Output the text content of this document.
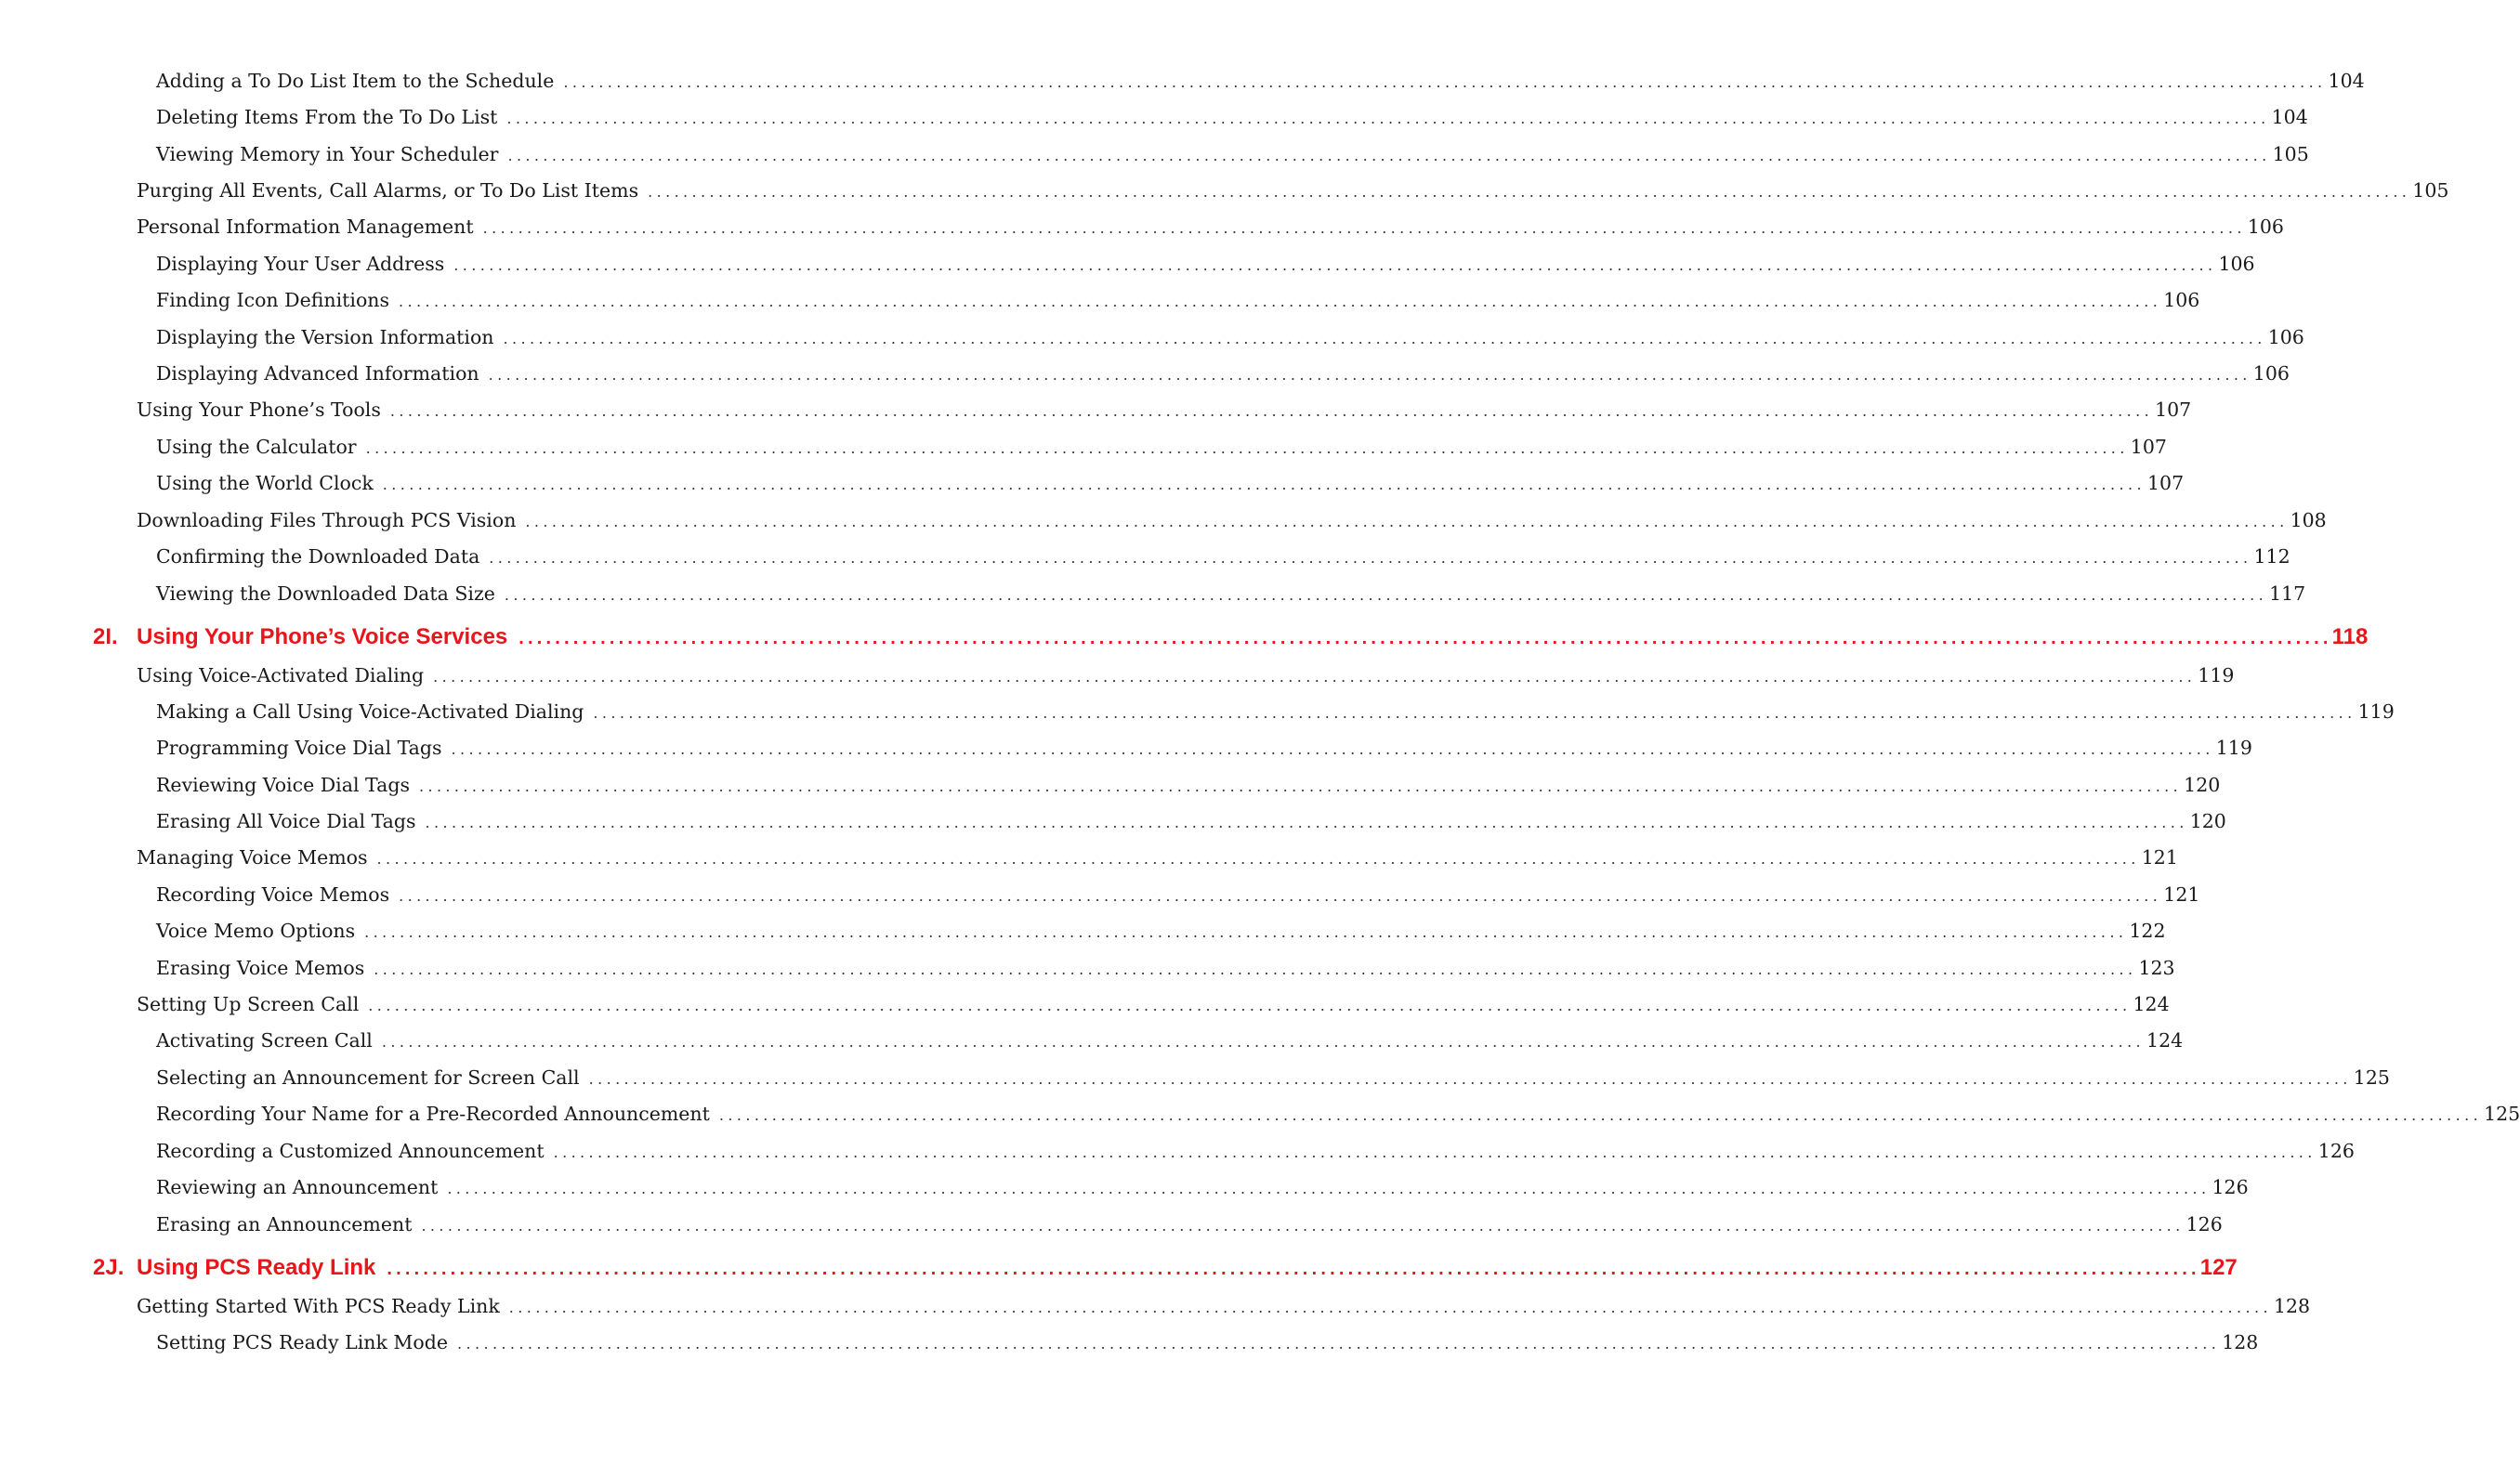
Adding a To Do List Item to the Schedule ........................................................................................................................................................................................................ 104
Deleting Items From the To Do List ........................................................................................................................................................................................................ 104
Viewing Memory in Your Scheduler ........................................................................................................................................................................................................ 105
Purging All Events, Call Alarms, or To Do List Items ........................................................................................................................................................................................................ 105
Personal Information Management ........................................................................................................................................................................................................ 106
Displaying Your User Address ........................................................................................................................................................................................................ 106
Finding Icon Definitions ........................................................................................................................................................................................................ 106
Displaying the Version Information ........................................................................................................................................................................................................ 106
Displaying Advanced Information ........................................................................................................................................................................................................ 106
Using Your Phone’s Tools ........................................................................................................................................................................................................ 107
Using the Calculator ........................................................................................................................................................................................................ 107
Using the World Clock ........................................................................................................................................................................................................ 107
Downloading Files Through PCS Vision ........................................................................................................................................................................................................ 108
Confirming the Downloaded Data ........................................................................................................................................................................................................ 112
Viewing the Downloaded Data Size ........................................................................................................................................................................................................ 117
2I. Using Your Phone’s Voice Services ........................................................................................................................................................................................................ 118
Using Voice-Activated Dialing ........................................................................................................................................................................................................ 119
Making a Call Using Voice-Activated Dialing ........................................................................................................................................................................................................ 119
Programming Voice Dial Tags ........................................................................................................................................................................................................ 119
Reviewing Voice Dial Tags ........................................................................................................................................................................................................ 120
Erasing All Voice Dial Tags ........................................................................................................................................................................................................ 120
Managing Voice Memos ........................................................................................................................................................................................................ 121
Recording Voice Memos ........................................................................................................................................................................................................ 121
Voice Memo Options ........................................................................................................................................................................................................ 122
Erasing Voice Memos ........................................................................................................................................................................................................ 123
Setting Up Screen Call ........................................................................................................................................................................................................ 124
Activating Screen Call ........................................................................................................................................................................................................ 124
Selecting an Announcement for Screen Call ........................................................................................................................................................................................................ 125
Recording Your Name for a Pre-Recorded Announcement ........................................................................................................................................................................................................ 125
Recording a Customized Announcement ........................................................................................................................................................................................................ 126
Reviewing an Announcement ........................................................................................................................................................................................................ 126
Erasing an Announcement ........................................................................................................................................................................................................ 126
2J. Using PCS Ready Link ........................................................................................................................................................................................................ 127
Getting Started With PCS Ready Link ........................................................................................................................................................................................................ 128
Setting PCS Ready Link Mode ........................................................................................................................................................................................................ 128
